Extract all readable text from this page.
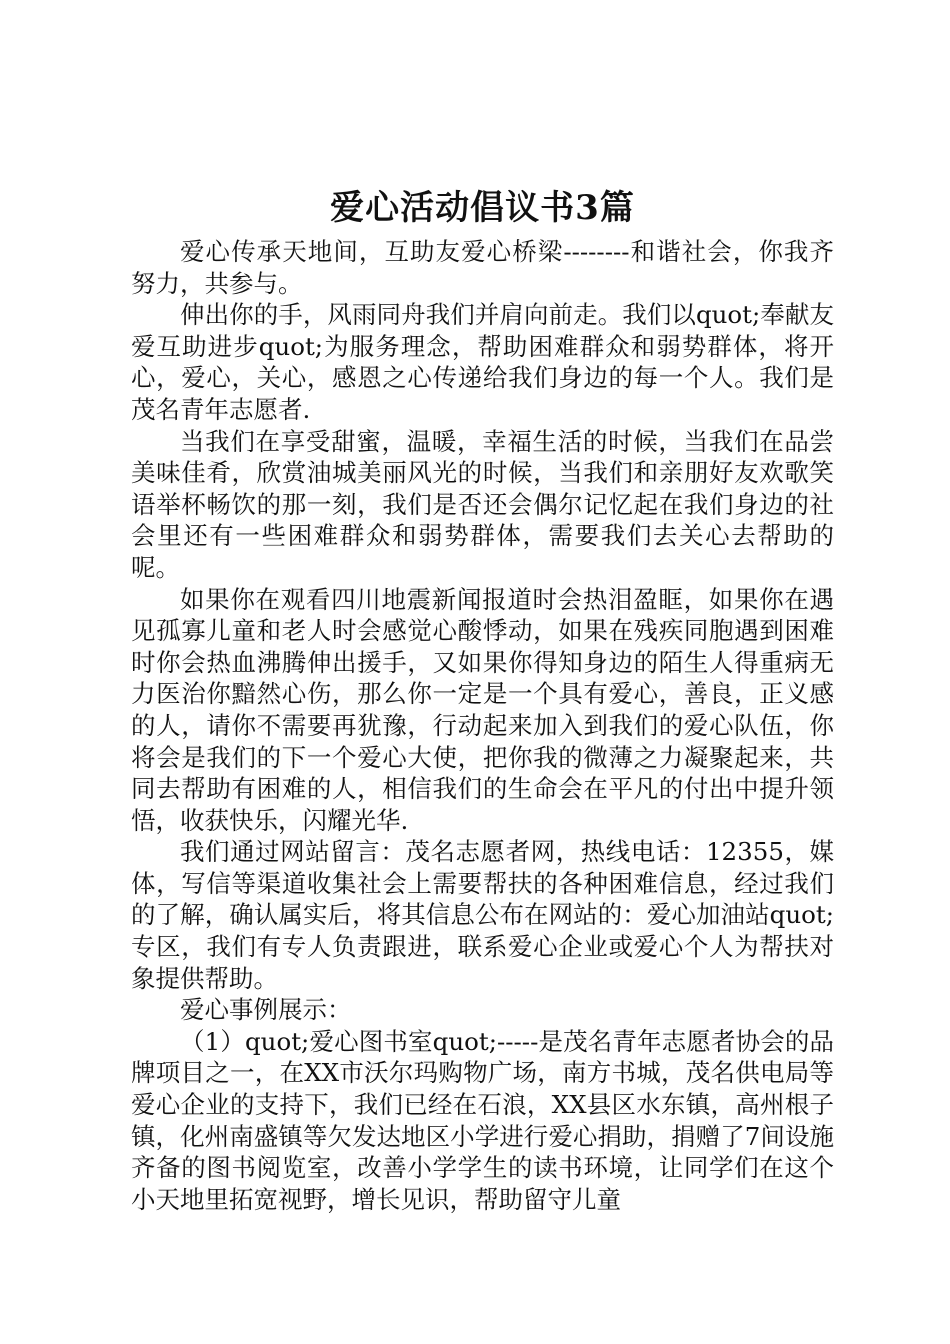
爱心活动倡议书3篇

爱心传承天地间，互助友爱心桥梁--------和谐社会，你我齐努力，共参与。

伸出你的手，风雨同舟我们并肩向前走。我们以quot;奉献友爱互助进步quot;为服务理念，帮助困难群众和弱势群体，将开心，爱心，关心，感恩之心传递给我们身边的每一个人。我们是茂名青年志愿者.

当我们在享受甜蜜，温暖，幸福生活的时候，当我们在品尝美味佳肴，欣赏油城美丽风光的时候，当我们和亲朋好友欢歌笑语举杯畅饮的那一刻，我们是否还会偶尔记忆起在我们身边的社会里还有一些困难群众和弱势群体，需要我们去关心去帮助的呢。

如果你在观看四川地震新闻报道时会热泪盈眶，如果你在遇见孤寡儿童和老人时会感觉心酸悸动，如果在残疾同胞遇到困难时你会热血沸腾伸出援手，又如果你得知身边的陌生人得重病无力医治你黯然心伤，那么你一定是一个具有爱心，善良，正义感的人，请你不需要再犹豫，行动起来加入到我们的爱心队伍，你将会是我们的下一个爱心大使，把你我的微薄之力凝聚起来，共同去帮助有困难的人，相信我们的生命会在平凡的付出中提升领悟，收获快乐，闪耀光华.

我们通过网站留言：茂名志愿者网，热线电话：12355，媒体，写信等渠道收集社会上需要帮扶的各种困难信息，经过我们的了解，确认属实后，将其信息公布在网站的：爱心加油站quot;专区，我们有专人负责跟进，联系爱心企业或爱心个人为帮扶对象提供帮助。

爱心事例展示：

（1）quot;爱心图书室quot;-----是茂名青年志愿者协会的品牌项目之一，在XX市沃尔玛购物广场，南方书城，茂名供电局等爱心企业的支持下，我们已经在石浪，XX县区水东镇，高州根子镇，化州南盛镇等欠发达地区小学进行爱心捐助，捐赠了7间设施齐备的图书阅览室，改善小学学生的读书环境，让同学们在这个小天地里拓宽视野，增长见识，帮助留守儿童
